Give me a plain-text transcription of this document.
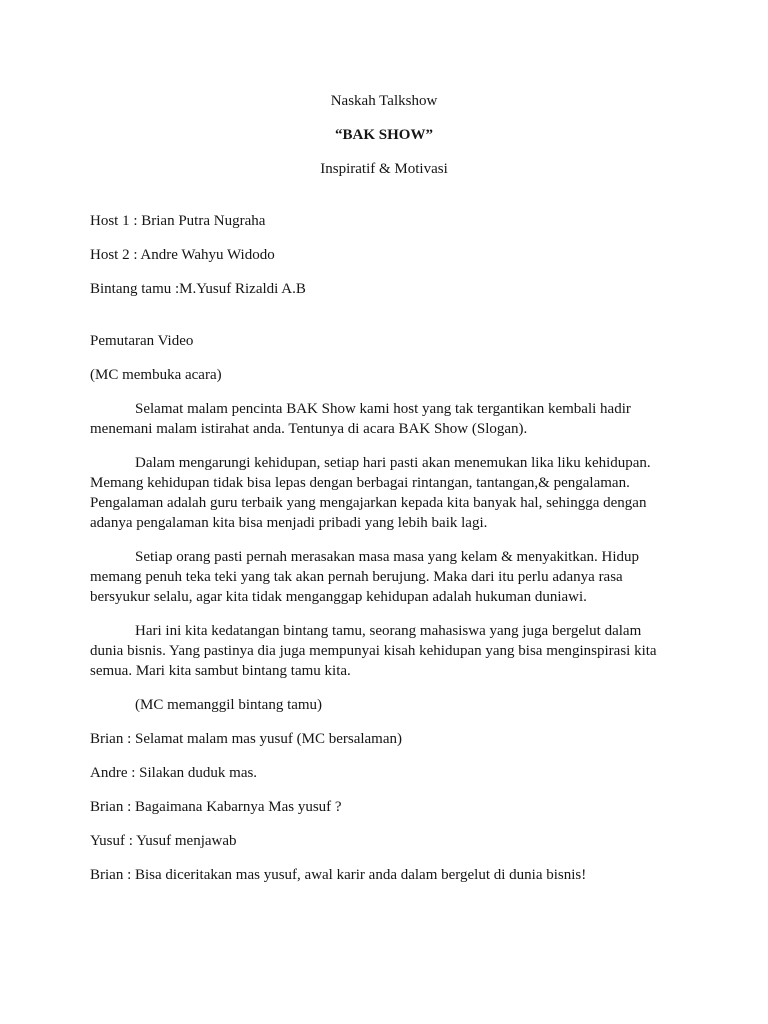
Naskah Talkshow
“BAK SHOW”
Inspiratif & Motivasi
Host 1 : Brian Putra Nugraha
Host 2 : Andre Wahyu Widodo
Bintang tamu :M.Yusuf Rizaldi A.B
Pemutaran Video
(MC membuka acara)
Selamat malam pencinta BAK Show kami host yang tak tergantikan kembali hadir
menemani malam istirahat anda. Tentunya di acara BAK Show (Slogan).
Dalam mengarungi kehidupan, setiap hari pasti akan menemukan lika liku kehidupan.
Memang kehidupan tidak bisa lepas dengan berbagai rintangan, tantangan,& pengalaman.
Pengalaman adalah guru terbaik yang mengajarkan kepada kita banyak hal, sehingga dengan
adanya pengalaman kita bisa menjadi pribadi yang lebih baik lagi.
Setiap orang pasti pernah merasakan masa masa yang kelam & menyakitkan. Hidup
memang penuh teka teki yang tak akan pernah berujung. Maka dari itu perlu adanya rasa
bersyukur selalu, agar kita tidak menganggap kehidupan adalah hukuman duniawi.
Hari ini kita kedatangan bintang tamu, seorang mahasiswa yang juga bergelut dalam
dunia bisnis. Yang pastinya dia juga mempunyai kisah kehidupan yang bisa menginspirasi kita
semua. Mari kita sambut bintang tamu kita.
(MC memanggil bintang tamu)
Brian : Selamat malam mas yusuf (MC bersalaman)
Andre : Silakan duduk mas.
Brian : Bagaimana Kabarnya Mas yusuf ?
Yusuf : Yusuf menjawab
Brian : Bisa diceritakan mas yusuf, awal karir anda dalam bergelut di dunia bisnis!
